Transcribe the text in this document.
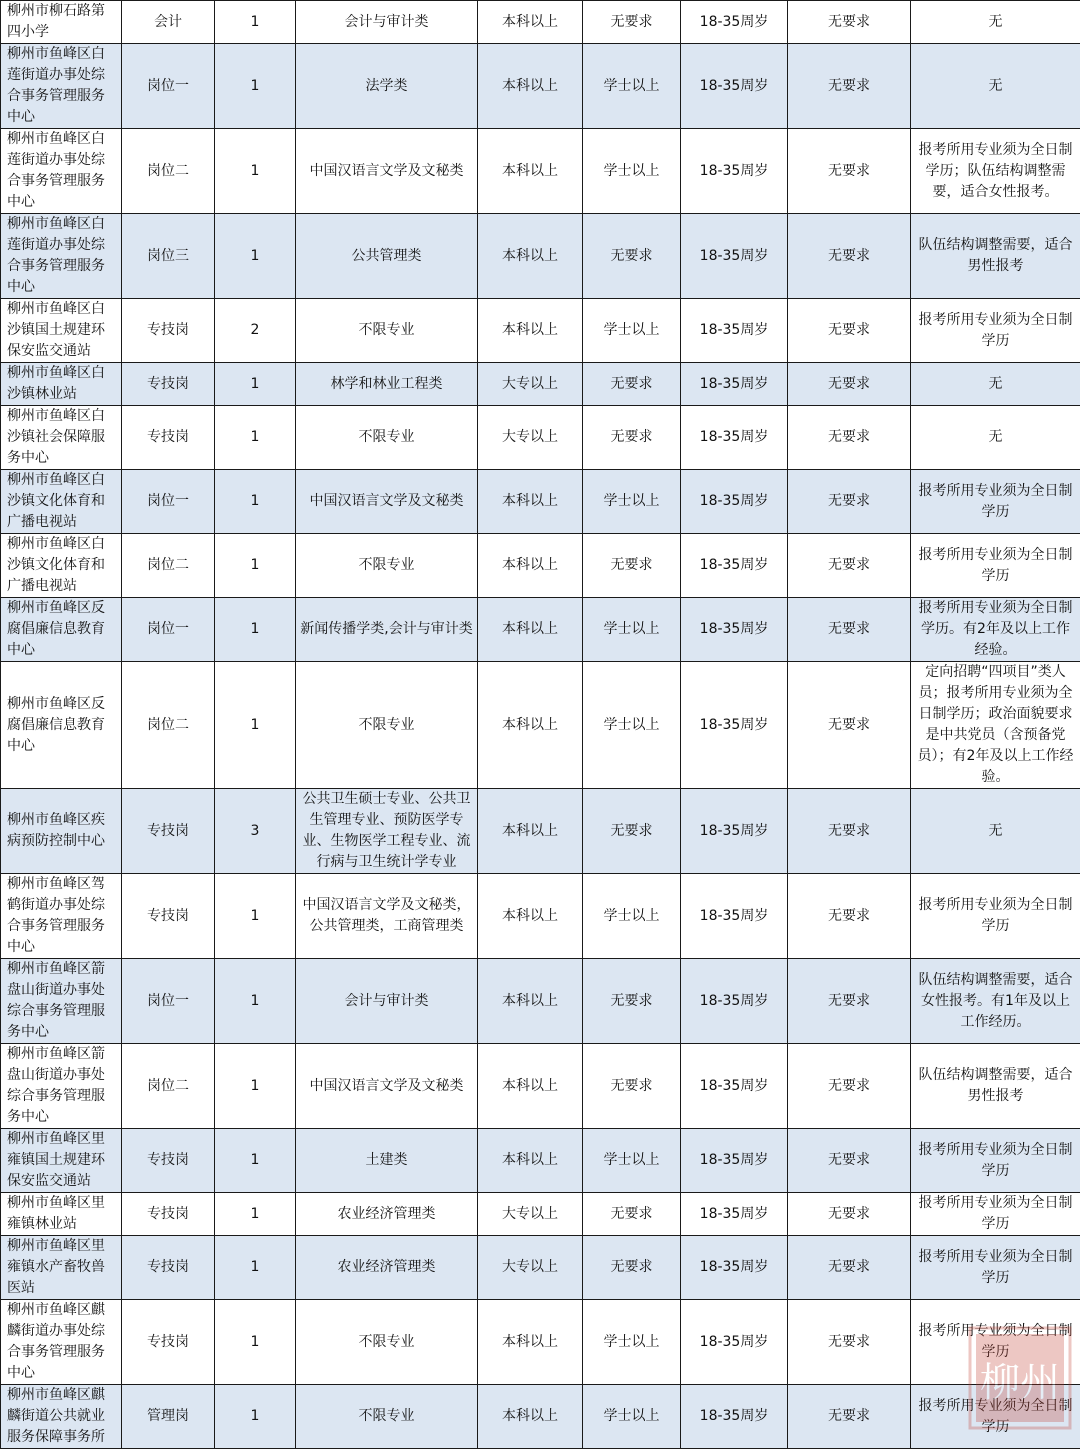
柳州市柳石路第四小学	会计	1	会计与审计类	本科以上	无要求	18-35周岁	无要求	无
柳州市鱼峰区白莲街道办事处综合事务管理服务中心	岗位一	1	法学类	本科以上	学士以上	18-35周岁	无要求	无
柳州市鱼峰区白莲街道办事处综合事务管理服务中心	岗位二	1	中国汉语言文学及文秘类	本科以上	学士以上	18-35周岁	无要求	报考所用专业须为全日制学历；队伍结构调整需要，适合女性报考。
柳州市鱼峰区白莲街道办事处综合事务管理服务中心	岗位三	1	公共管理类	本科以上	无要求	18-35周岁	无要求	队伍结构调整需要，适合男性报考
柳州市鱼峰区白沙镇国土规建环保安监交通站	专技岗	2	不限专业	本科以上	学士以上	18-35周岁	无要求	报考所用专业须为全日制学历
柳州市鱼峰区白沙镇林业站	专技岗	1	林学和林业工程类	大专以上	无要求	18-35周岁	无要求	无
柳州市鱼峰区白沙镇社会保障服务中心	专技岗	1	不限专业	大专以上	无要求	18-35周岁	无要求	无
柳州市鱼峰区白沙镇文化体育和广播电视站	岗位一	1	中国汉语言文学及文秘类	本科以上	学士以上	18-35周岁	无要求	报考所用专业须为全日制学历
柳州市鱼峰区白沙镇文化体育和广播电视站	岗位二	1	不限专业	本科以上	无要求	18-35周岁	无要求	报考所用专业须为全日制学历
柳州市鱼峰区反腐倡廉信息教育中心	岗位一	1	新闻传播学类,会计与审计类	本科以上	学士以上	18-35周岁	无要求	报考所用专业须为全日制学历。有2年及以上工作经验。
柳州市鱼峰区反腐倡廉信息教育中心	岗位二	1	不限专业	本科以上	学士以上	18-35周岁	无要求	定向招聘“四项目”类人员；报考所用专业须为全日制学历；政治面貌要求是中共党员（含预备党员）；有2年及以上工作经验。
柳州市鱼峰区疾病预防控制中心	专技岗	3	公共卫生硕士专业、公共卫生管理专业、预防医学专业、生物医学工程专业、流行病与卫生统计学专业	本科以上	无要求	18-35周岁	无要求	无
柳州市鱼峰区驾鹤街道办事处综合事务管理服务中心	专技岗	1	中国汉语言文学及文秘类，公共管理类，工商管理类	本科以上	学士以上	18-35周岁	无要求	报考所用专业须为全日制学历
柳州市鱼峰区箭盘山街道办事处综合事务管理服务中心	岗位一	1	会计与审计类	本科以上	无要求	18-35周岁	无要求	队伍结构调整需要，适合女性报考。有1年及以上工作经历。
柳州市鱼峰区箭盘山街道办事处综合事务管理服务中心	岗位二	1	中国汉语言文学及文秘类	本科以上	无要求	18-35周岁	无要求	队伍结构调整需要，适合男性报考
柳州市鱼峰区里雍镇国土规建环保安监交通站	专技岗	1	土建类	本科以上	学士以上	18-35周岁	无要求	报考所用专业须为全日制学历
柳州市鱼峰区里雍镇林业站	专技岗	1	农业经济管理类	大专以上	无要求	18-35周岁	无要求	报考所用专业须为全日制学历
柳州市鱼峰区里雍镇水产畜牧兽医站	专技岗	1	农业经济管理类	大专以上	无要求	18-35周岁	无要求	报考所用专业须为全日制学历
柳州市鱼峰区麒麟街道办事处综合事务管理服务中心	专技岗	1	不限专业	本科以上	学士以上	18-35周岁	无要求	报考所用专业须为全日制学历
柳州市鱼峰区麒麟街道公共就业服务保障事务所	管理岗	1	不限专业	本科以上	学士以上	18-35周岁	无要求	报考所用专业须为全日制学历
柳州
